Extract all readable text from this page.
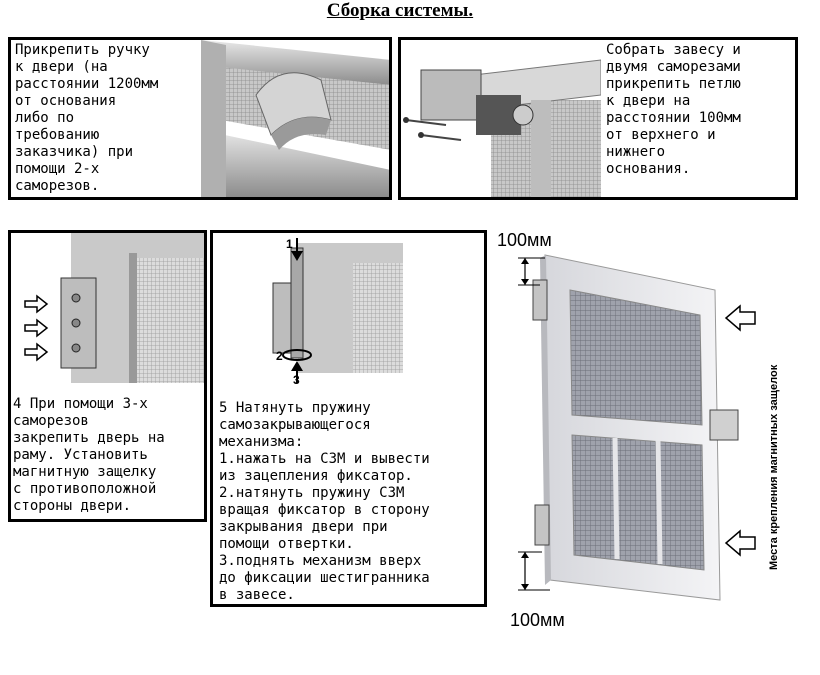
Сборка системы.
Прикрепить ручку
к двери (на
расстоянии 1200мм
от основания
либо по
требованию
заказчика) при
помощи 2-х
саморезов.
Собрать завесу и
двумя саморезами
прикрепить петлю
к двери на
расстоянии 100мм
от верхнего и
нижнего
основания.
4 При помощи 3-х
саморезов
закрепить дверь на
раму. Установить
магнитную защелку
с противоположной
стороны двери.
1
2
3
5 Натянуть пружину
самозакрывающегося
механизма:
1.нажать на СЗМ и вывести
из зацепления фиксатор.
2.натянуть пружину СЗМ
вращая фиксатор в сторону
закрывания двери при
помощи отвертки.
3.поднять механизм вверх
до фиксации шестигранника
в завесе.
100мм
100мм
Места крепления магнитных защелок
